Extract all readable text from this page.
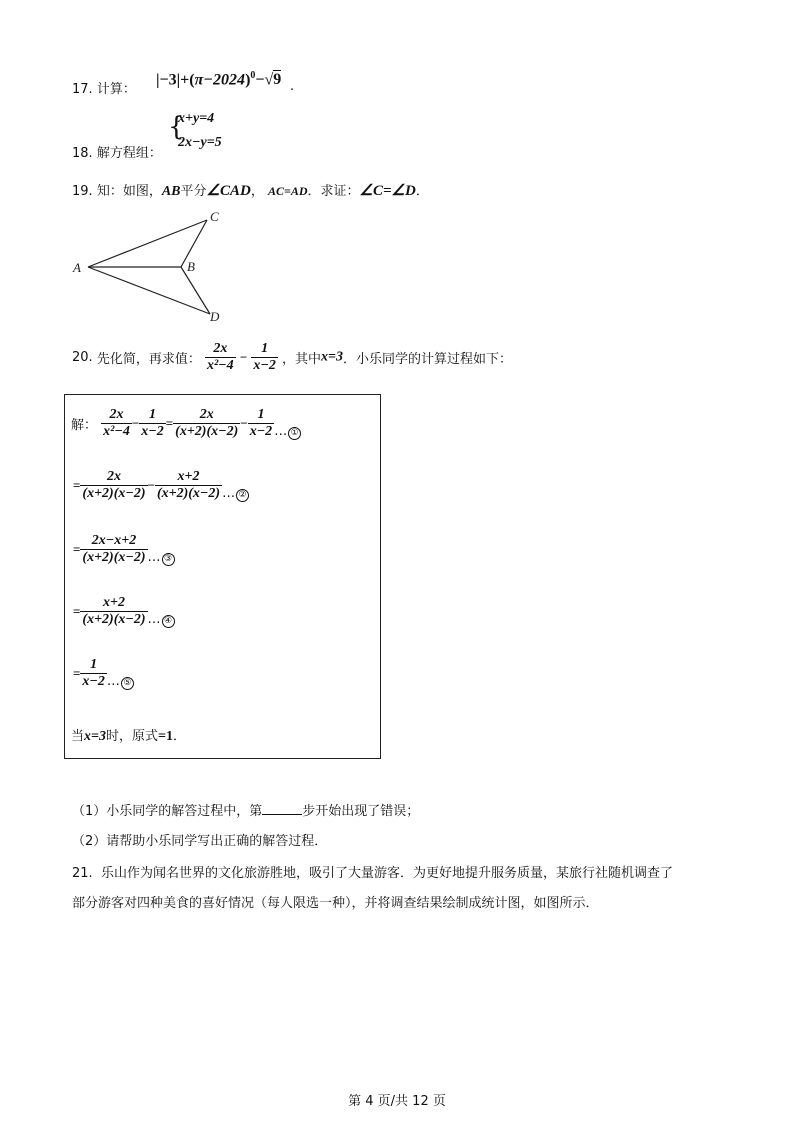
17. 计算：
$|-3|+(\pi-2024)^0-√9$ .
18. 解方程组：
{
x+y=4
2x−y=5
19. 知：如图，AB平分∠CAD， AC=AD．求证：∠C=∠D．
A	B
C
D
20. 先化简，再求值： $\frac{2x}{\text{x²−4}} - \frac{1}{x-2}$ ，其中x=3．小乐同学的计算过程如下：
解： $\frac{2x}{\text{x²−4}} - \frac{1}{x-2} = \frac{2x}{(x+2)(x-2)} - \frac{1}{x-2}$ … ①
= $\frac{2x}{(x+2)(x-2)} - \frac{x+2}{(x+2)(x-2)}$ … ②
= $\frac{2x-x+2}{(x+2)(x-2)}$ … ③
= $\frac{x+2}{(x+2)(x-2)}$ … ④
= $\frac{1}{x-2}$ … ⑤
当x=3时，原式=1．
（1）小乐同学的解答过程中，第	步开始出现了错误；
（2）请帮助小乐同学写出正确的解答过程．
21. 乐山作为闻名世界的文化旅游胜地，吸引了大量游客．为更好地提升服务质量，某旅行社随机调查了
部分游客对四种美食的喜好情况（每人限选一种），并将调查结果绘制成统计图，如图所示．
第 4 页/共 12 页
